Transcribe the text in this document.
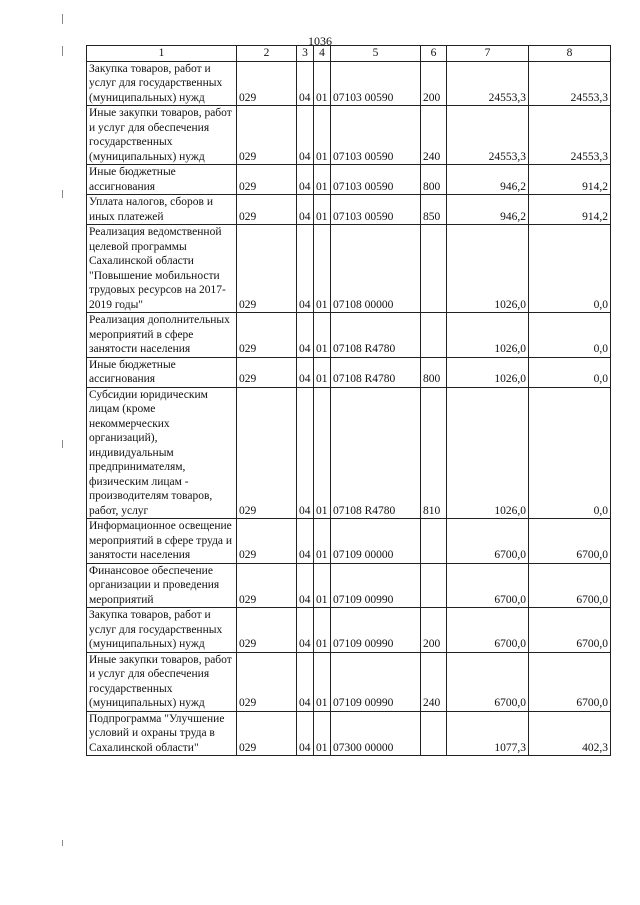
1036
1	2	3	4	5	6	7	8
Закупка товаров, работ и услуг для государственных (муниципальных) нужд	029	04	01	07103 00590	200	24553,3	24553,3
Иные закупки товаров, работ и услуг для обеспечения государственных (муниципальных) нужд	029	04	01	07103 00590	240	24553,3	24553,3
Иные бюджетные ассигнования	029	04	01	07103 00590	800	946,2	914,2
Уплата налогов, сборов и иных платежей	029	04	01	07103 00590	850	946,2	914,2
Реализация ведомственной целевой программы Сахалинской области "Повышение мобильности трудовых ресурсов на 2017-2019 годы"	029	04	01	07108 00000		1026,0	0,0
Реализация дополнительных мероприятий в сфере занятости населения	029	04	01	07108 R4780		1026,0	0,0
Иные бюджетные ассигнования	029	04	01	07108 R4780	800	1026,0	0,0
Субсидии юридическим лицам (кроме некоммерческих организаций), индивидуальным предпринимателям, физическим лицам - производителям товаров, работ, услуг	029	04	01	07108 R4780	810	1026,0	0,0
Информационное освещение мероприятий в сфере труда и занятости населения	029	04	01	07109 00000		6700,0	6700,0
Финансовое обеспечение организации и проведения мероприятий	029	04	01	07109 00990		6700,0	6700,0
Закупка товаров, работ и услуг для государственных (муниципальных) нужд	029	04	01	07109 00990	200	6700,0	6700,0
Иные закупки товаров, работ и услуг для обеспечения государственных (муниципальных) нужд	029	04	01	07109 00990	240	6700,0	6700,0
Подпрограмма "Улучшение условий и охраны труда в Сахалинской области"	029	04	01	07300 00000		1077,3	402,3
